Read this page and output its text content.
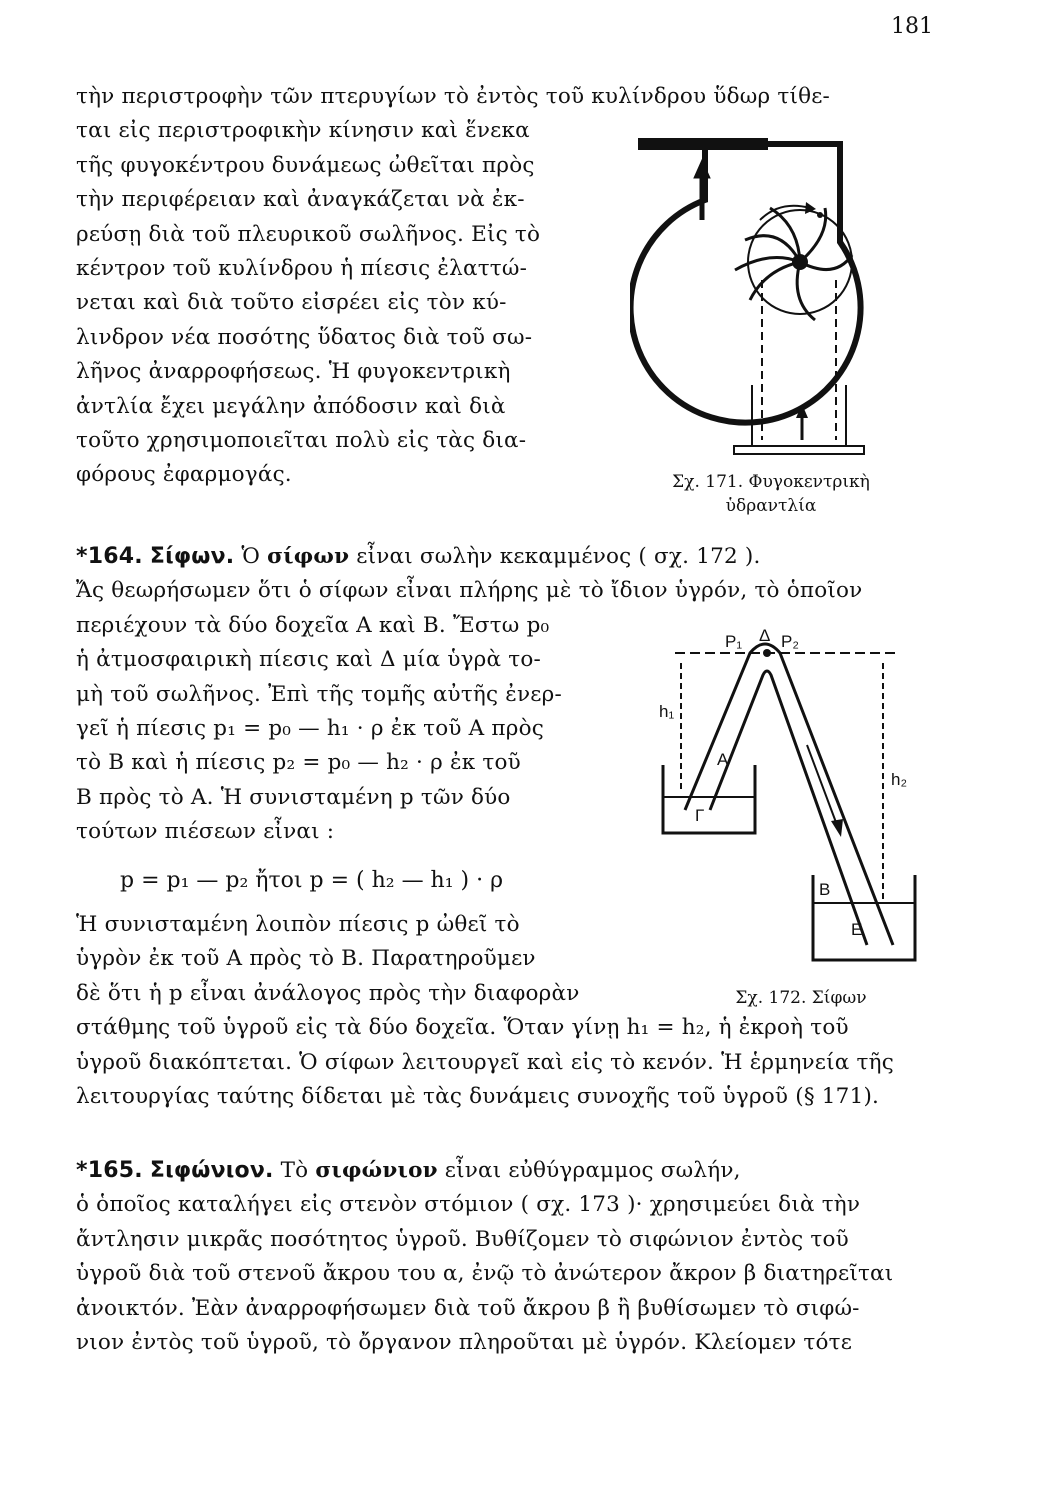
181
τὴν περιστροφὴν τῶν πτερυγίων τὸ ἐντὸς τοῦ κυλίνδρου ὕδωρ τίθε-
ται εἰς περιστροφικὴν κίνησιν καὶ ἕνεκα
τῆς φυγοκέντρου δυνάμεως ὠθεῖται πρὸς
τὴν περιφέρειαν καὶ ἀναγκάζεται νὰ ἐκ-
ρεύσῃ διὰ τοῦ πλευρικοῦ σωλῆνος. Εἰς τὸ
κέντρον τοῦ κυλίνδρου ἡ πίεσις ἐλαττώ-
νεται καὶ διὰ τοῦτο εἰσρέει εἰς τὸν κύ-
λινδρον νέα ποσότης ὕδατος διὰ τοῦ σω-
λῆνος ἀναρροφήσεως. Ἡ φυγοκεντρικὴ
ἀντλία ἔχει μεγάλην ἀπόδοσιν καὶ διὰ
τοῦτο χρησιμοποιεῖται πολὺ εἰς τὰς δια-
φόρους ἐφαρμογάς.	Σχ. 171. Φυγοκεντρικὴ
ὑδραντλία
*164. Σίφων. Ὁ σίφων εἶναι σωλὴν κεκαμμένος ( σχ. 172 ).
Ἄς θεωρήσωμεν ὅτι ὁ σίφων εἶναι πλήρης μὲ τὸ ἴδιον ὑγρόν, τὸ ὁποῖον
περιέχουν τὰ δύο δοχεῖα Α καὶ Β. Ἔστω p₀
ἡ ἀτμοσφαιρικὴ πίεσις καὶ Δ μία ὑγρὰ το-
μὴ τοῦ σωλῆνος. Ἐπὶ τῆς τομῆς αὐτῆς ἐνερ-
γεῖ ἡ πίεσις p₁ = p₀ — h₁ · ρ ἐκ τοῦ Α πρὸς
τὸ Β καὶ ἡ πίεσις p₂ = p₀ — h₂ · ρ ἐκ τοῦ
Β πρὸς τὸ Α. Ἡ συνισταμένη p τῶν δύο
τούτων πιέσεων εἶναι :
p = p₁ — p₂ ἤτοι p = ( h₂ — h₁ ) · ρ
Ἡ συνισταμένη λοιπὸν πίεσις p ὠθεῖ τὸ
ὑγρὸν ἐκ τοῦ Α πρὸς τὸ Β. Παρατηροῦμεν
δὲ ὅτι ἡ p εἶναι ἀνάλογος πρὸς τὴν διαφορὰν
στάθμης τοῦ ὑγροῦ εἰς τὰ δύο δοχεῖα. Ὅταν γίνῃ h₁ = h₂, ἡ ἐκροὴ τοῦ
ὑγροῦ διακόπτεται. Ὁ σίφων λειτουργεῖ καὶ εἰς τὸ κενόν. Ἡ ἑρμηνεία τῆς
λειτουργίας ταύτης δίδεται μὲ τὰς δυνάμεις συνοχῆς τοῦ ὑγροῦ (§ 171).
P₁ Δ P₂
h₁
h₂
Α
Γ
Β
Ε
Σχ. 172. Σίφων
*165. Σιφώνιον. Τὸ σιφώνιον εἶναι εὐθύγραμμος σωλήν,
ὁ ὁποῖος καταλήγει εἰς στενὸν στόμιον ( σχ. 173 )· χρησιμεύει διὰ τὴν
ἄντλησιν μικρᾶς ποσότητος ὑγροῦ. Βυθίζομεν τὸ σιφώνιον ἐντὸς τοῦ
ὑγροῦ διὰ τοῦ στενοῦ ἄκρου του α, ἐνῷ τὸ ἀνώτερον ἄκρον β διατηρεῖται
ἀνοικτόν. Ἐὰν ἀναρροφήσωμεν διὰ τοῦ ἄκρου β ἢ βυθίσωμεν τὸ σιφώ-
νιον ἐντὸς τοῦ ὑγροῦ, τὸ ὄργανον πληροῦται μὲ ὑγρόν. Κλείομεν τότε
